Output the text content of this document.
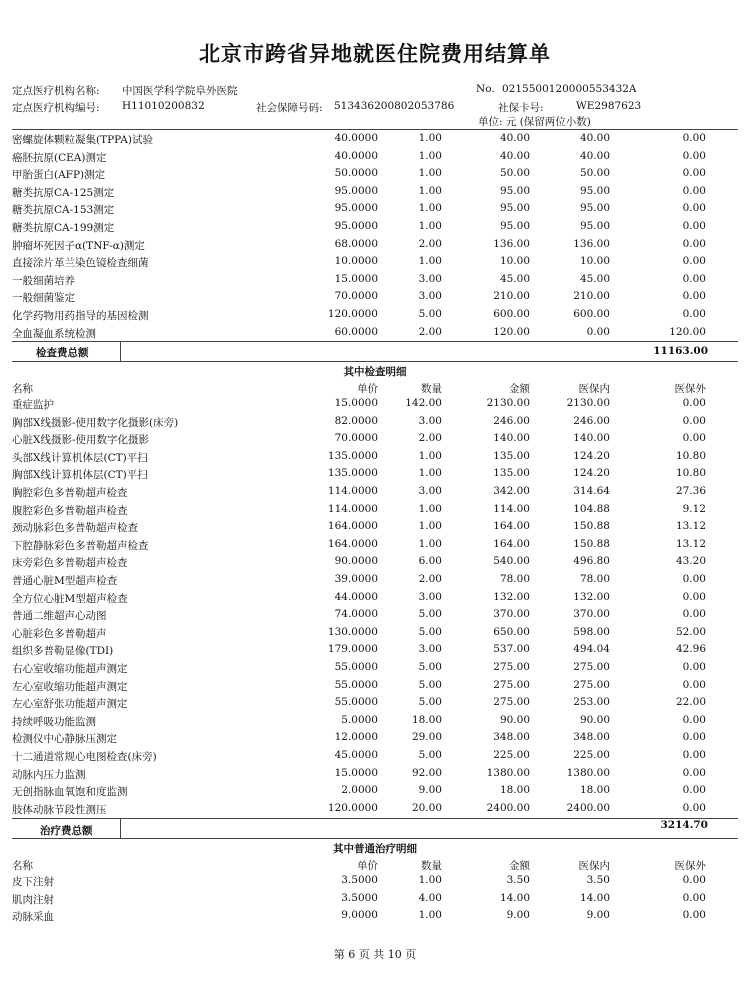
北京市跨省异地就医住院费用结算单
定点医疗机构名称: 中国医学科学院阜外医院	No. 0215500120000553432A
定点医疗机构编号: H11010200832	社会保障号码: 513436200802053786	社保卡号:	WE2987623
单位: 元 (保留两位小数)
密螺旋体颗粒凝集(TPPA)试验	40.0000	1.00	40.00	40.00	0.00
癌胚抗原(CEA)测定	40.0000	1.00	40.00	40.00	0.00
甲胎蛋白(AFP)测定	50.0000	1.00	50.00	50.00	0.00
糖类抗原CA-125测定	95.0000	1.00	95.00	95.00	0.00
糖类抗原CA-153测定	95.0000	1.00	95.00	95.00	0.00
糖类抗原CA-199测定	95.0000	1.00	95.00	95.00	0.00
肿瘤坏死因子α(TNF-α)测定	68.0000	2.00	136.00	136.00	0.00
直接涂片革兰染色镜检查细菌	10.0000	1.00	10.00	10.00	0.00
一般细菌培养	15.0000	3.00	45.00	45.00	0.00
一般细菌鉴定	70.0000	3.00	210.00	210.00	0.00
化学药物用药指导的基因检测	120.0000	5.00	600.00	600.00	0.00
全血凝血系统检测	60.0000	2.00	120.00	0.00	120.00
检查费总额	11163.00
其中检查明细
名称	单价	数量	金额	医保内	医保外
重症监护	15.0000	142.00	2130.00	2130.00	0.00
胸部X线摄影-使用数字化摄影(床旁)	82.0000	3.00	246.00	246.00	0.00
心脏X线摄影-使用数字化摄影	70.0000	2.00	140.00	140.00	0.00
头部X线计算机体层(CT)平扫	135.0000	1.00	135.00	124.20	10.80
胸部X线计算机体层(CT)平扫	135.0000	1.00	135.00	124.20	10.80
胸腔彩色多普勒超声检查	114.0000	3.00	342.00	314.64	27.36
腹腔彩色多普勒超声检查	114.0000	1.00	114.00	104.88	9.12
颈动脉彩色多普勒超声检查	164.0000	1.00	164.00	150.88	13.12
下腔静脉彩色多普勒超声检查	164.0000	1.00	164.00	150.88	13.12
床旁彩色多普勒超声检查	90.0000	6.00	540.00	496.80	43.20
普通心脏M型超声检查	39.0000	2.00	78.00	78.00	0.00
全方位心脏M型超声检查	44.0000	3.00	132.00	132.00	0.00
普通二维超声心动图	74.0000	5.00	370.00	370.00	0.00
心脏彩色多普勒超声	130.0000	5.00	650.00	598.00	52.00
组织多普勒显像(TDI)	179.0000	3.00	537.00	494.04	42.96
右心室收缩功能超声测定	55.0000	5.00	275.00	275.00	0.00
左心室收缩功能超声测定	55.0000	5.00	275.00	275.00	0.00
左心室舒张功能超声测定	55.0000	5.00	275.00	253.00	22.00
持续呼吸功能监测	5.0000	18.00	90.00	90.00	0.00
检测仪中心静脉压测定	12.0000	29.00	348.00	348.00	0.00
十二通道常规心电图检查(床旁)	45.0000	5.00	225.00	225.00	0.00
动脉内压力监测	15.0000	92.00	1380.00	1380.00	0.00
无创指脉血氧饱和度监测	2.0000	9.00	18.00	18.00	0.00
肢体动脉节段性测压	120.0000	20.00	2400.00	2400.00	0.00
治疗费总额	3214.70
其中普通治疗明细
名称	单价	数量	金额	医保内	医保外
皮下注射	3.5000	1.00	3.50	3.50	0.00
肌肉注射	3.5000	4.00	14.00	14.00	0.00
动脉采血	9.0000	1.00	9.00	9.00	0.00
第 6 页 共 10 页
